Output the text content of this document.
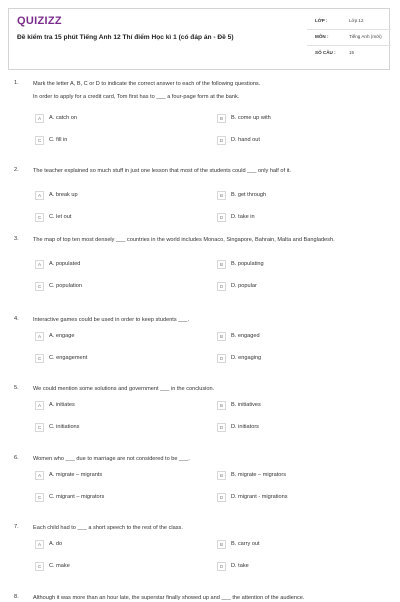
QUIZIZZ
Đề kiểm tra 15 phút Tiếng Anh 12 Thí điểm Học kì 1 (có đáp án - Đề 5)
LỚP :	Lớp 12
MÔN :	Tiếng Anh (mới)
SỐ CÂU :	15
1.	Mark the letter A, B, C or D to indicate the correct answer to each of the following questions.
In order to apply for a credit card, Tom first has to ___ a four-page form at the bank.
A	A. catch on	B	B. come up with
C	C. fill in	D	D. hand out
2.	The teacher explained so much stuff in just one lesson that most of the students could ___ only half of it.
A	A. break up	B	B. get through
C	C. let out	D	D. take in
3.	The map of top ten most densely ___ countries in the world includes Monaco, Singapore, Bahrain, Malta and Bangladesh.
A	A. populated	B	B. populating
C	C. population	D	D. popular
4.	Interactive games could be used in order to keep students ___.
A	A. engage	B	B. engaged
C	C. engagement	D	D. engaging
5.	We could mention some solutions and government ___ in the conclusion.
A	A. initiates	B	B. initiatives
C	C. initiations	D	D. initiators
6.	Women who ___ due to marriage are not considered to be ___.
A	A. migrate – migrants	B	B. migrate – migrators
C	C. migrant – migrators	D	D. migrant - migrations
7.	Each child had to ___ a short speech to the rest of the class.
A	A. do	B	B. carry out
C	C. make	D	D. take
8.	Although it was more than an hour late, the superstar finally showed up and ___ the attention of the audience.
